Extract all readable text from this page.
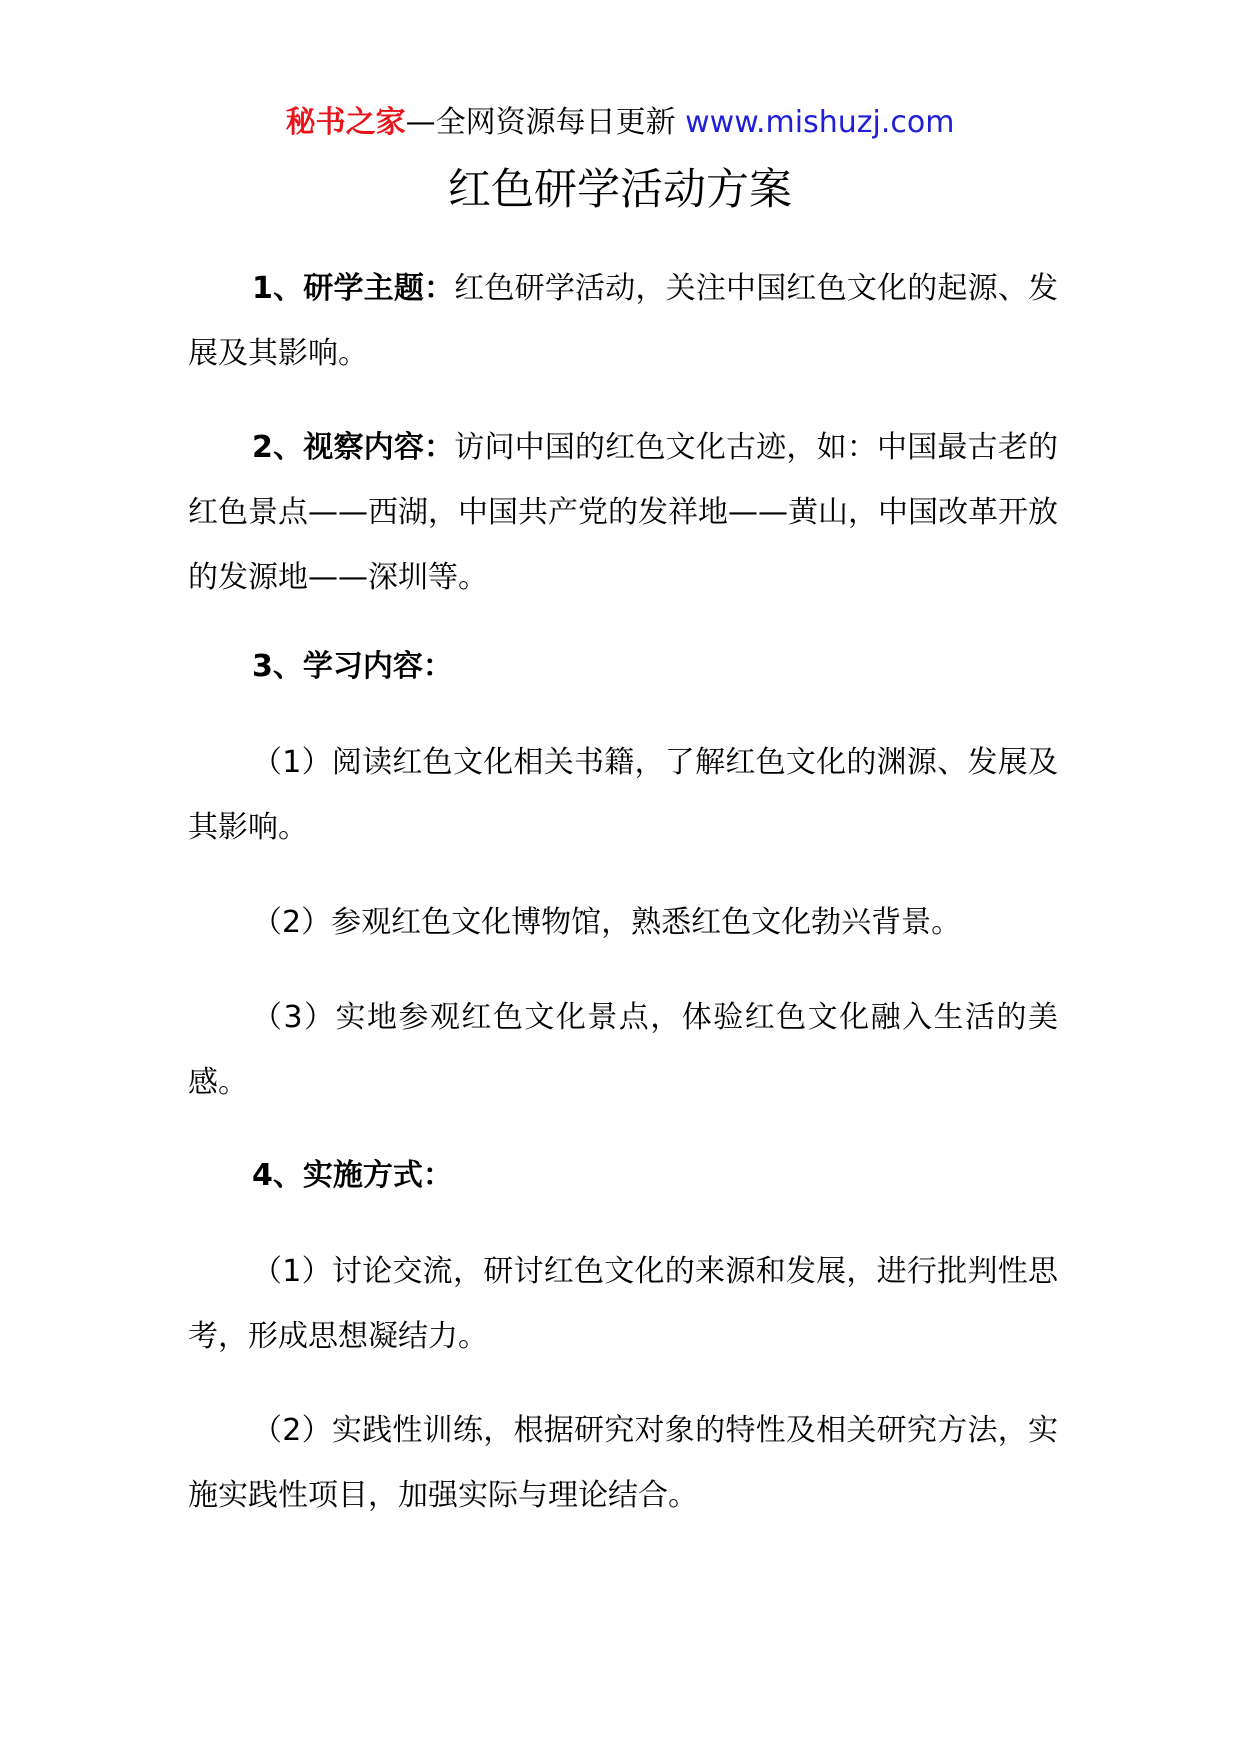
秘书之家—全网资源每日更新 www.mishuzj.com
红色研学活动方案

1、研学主题：红色研学活动，关注中国红色文化的起源、发展及其影响。

2、视察内容：访问中国的红色文化古迹，如：中国最古老的红色景点——西湖，中国共产党的发祥地——黄山，中国改革开放的发源地——深圳等。

3、学习内容：

（1）阅读红色文化相关书籍，了解红色文化的渊源、发展及其影响。

（2）参观红色文化博物馆，熟悉红色文化勃兴背景。

（3）实地参观红色文化景点，体验红色文化融入生活的美感。

4、实施方式：

（1）讨论交流，研讨红色文化的来源和发展，进行批判性思考，形成思想凝结力。

（2）实践性训练，根据研究对象的特性及相关研究方法，实施实践性项目，加强实际与理论结合。
